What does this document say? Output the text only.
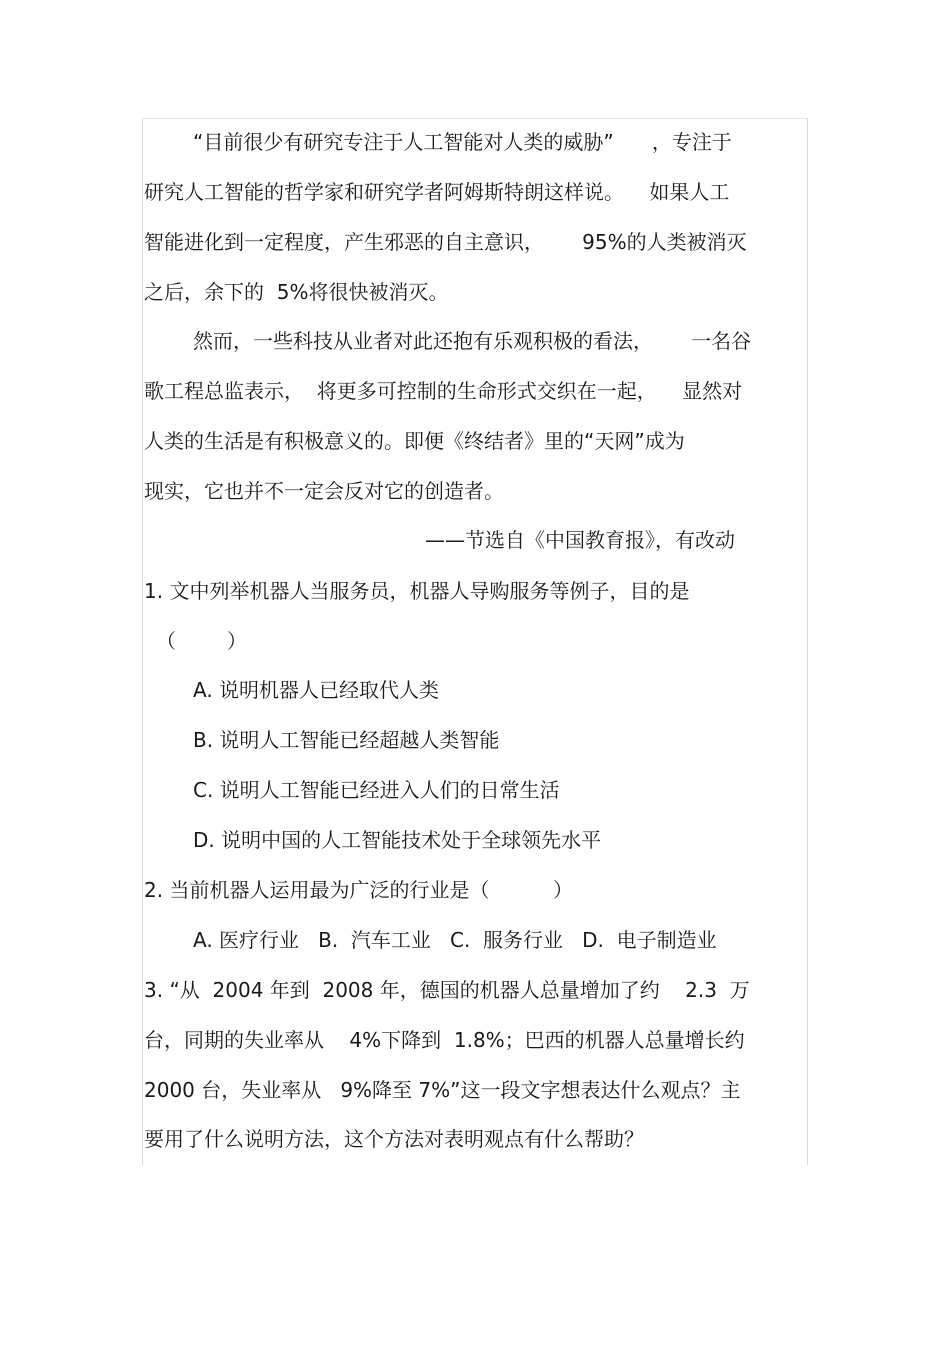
“目前很少有研究专注于人工智能对人类的威胁”      ，专注于
研究人工智能的哲学家和研究学者阿姆斯特朗这样说。    如果人工
智能进化到一定程度，产生邪恶的自主意识，      95%的人类被消灭
之后，余下的  5%将很快被消灭。
然而，一些科技从业者对此还抱有乐观积极的看法，      一名谷
歌工程总监表示，  将更多可控制的生命形式交织在一起，    显然对
人类的生活是有积极意义的。即便《终结者》里的“天网”成为
现实，它也并不一定会反对它的创造者。
——节选自《中国教育报》，有改动
1. 文中列举机器人当服务员，机器人导购服务等例子，目的是
（        ）
A. 说明机器人已经取代人类
B. 说明人工智能已经超越人类智能
C. 说明人工智能已经进入人们的日常生活
D. 说明中国的人工智能技术处于全球领先水平
2. 当前机器人运用最为广泛的行业是（          ）
A. 医疗行业   B.  汽车工业   C.  服务行业   D.  电子制造业
3. “从  2004 年到  2008 年，德国的机器人总量增加了约    2.3  万
台，同期的失业率从    4%下降到  1.8%；巴西的机器人总量增长约
2000 台，失业率从   9%降至 7%”这一段文字想表达什么观点？主
要用了什么说明方法，这个方法对表明观点有什么帮助？
